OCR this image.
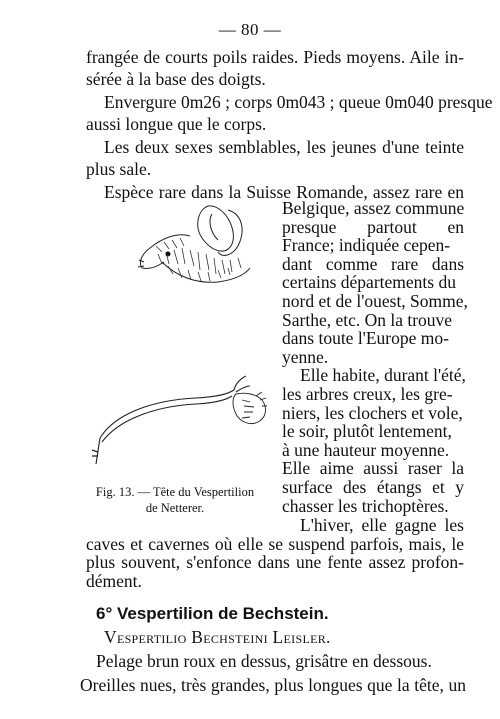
— 80 —
frangée de courts poils raides. Pieds moyens. Aile in-
sérée à la base des doigts.
Envergure 0m26 ; corps 0m043 ; queue 0m040 presque
aussi longue que le corps.
Les deux sexes semblables, les jeunes d'une teinte
plus sale.
Espèce rare dans la Suisse Romande, assez rare en
Belgique, assez commune
presque partout en
France; indiquée cepen-
dant comme rare dans
certains départements du
nord et de l'ouest, Somme,
Sarthe, etc. On la trouve
dans toute l'Europe mo-
yenne.
Elle habite, durant l'été,
les arbres creux, les gre-
niers, les clochers et vole,
le soir, plutôt lentement,
à une hauteur moyenne.
Elle aime aussi raser la
surface des étangs et y
chasser les trichoptères.
L'hiver, elle gagne les
Fig. 13. — Tête du Vespertilion
de Netterer.
caves et cavernes où elle se suspend parfois, mais, le
plus souvent, s'enfonce dans une fente assez profon-
dément.
6° Vespertilion de Bechstein.
Vespertilio Bechsteini Leisler.
Pelage brun roux en dessus, grisâtre en dessous.
Oreilles nues, très grandes, plus longues que la tête, un
